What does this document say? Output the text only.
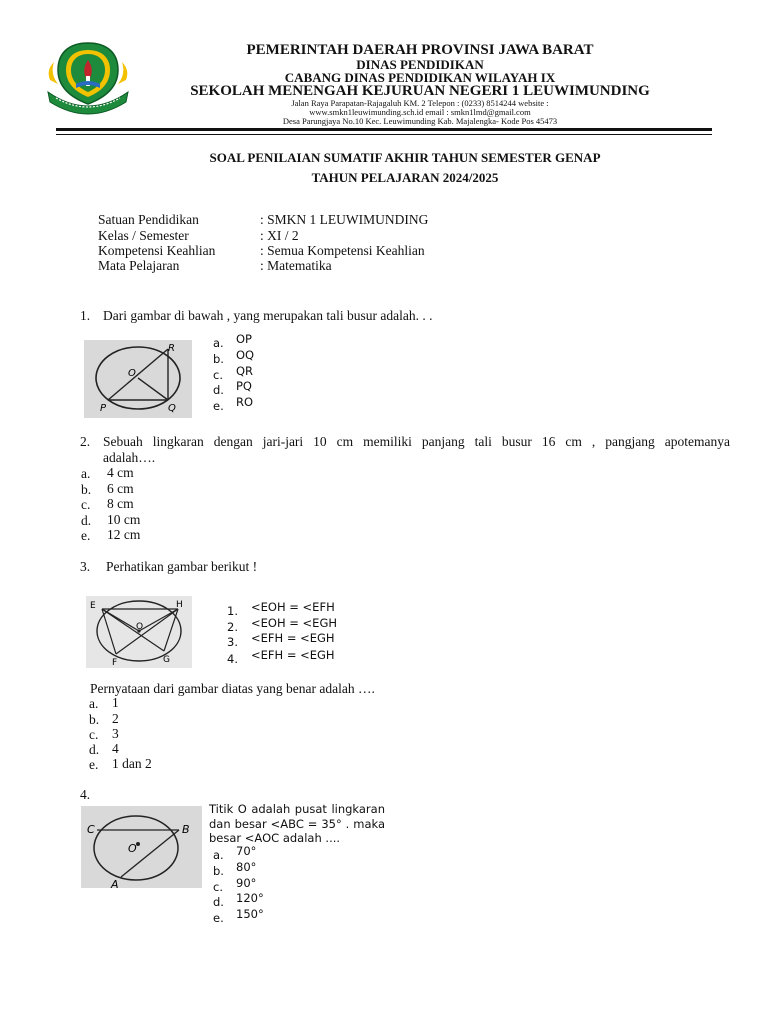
PEMERINTAH DAERAH PROVINSI JAWA BARAT
DINAS PENDIDIKAN
CABANG DINAS PENDIDIKAN WILAYAH IX
SEKOLAH MENENGAH KEJURUAN NEGERI 1 LEUWIMUNDING
Jalan Raya Parapatan-Rajagaluh KM. 2 Telepon : (0233) 8514244 website :
www.smkn1leuwimunding.sch.id email : smkn1lmd@gmail.com
Desa Parungjaya No.10 Kec. Leuwimunding Kab. Majalengka- Kode Pos 45473
SOAL PENILAIAN SUMATIF AKHIR TAHUN SEMESTER GENAP
TAHUN PELAJARAN 2024/2025
Satuan Pendidikan	: SMKN 1 LEUWIMUNDING
Kelas / Semester	: XI / 2
Kompetensi Keahlian	: Semua Kompetensi Keahlian
Mata Pelajaran	: Matematika
1. Dari gambar di bawah , yang merupakan tali busur adalah. . .
R
O
P	Q
a. OP
b. OQ
c. QR
d. PQ
e. RO
2. Sebuah lingkaran dengan jari-jari 10 cm memiliki panjang tali busur 16 cm , pangjang apotemanya
adalah….
a. 4 cm
b. 6 cm
c. 8 cm
d. 10 cm
e. 12 cm
3. Perhatikan gambar berikut !
E	H
O
F	G
1. <EOH = <EFH
2. <EOH = <EGH
3. <EFH = <EGH
4. <EFH = <EGH
Pernyataan dari gambar diatas yang benar adalah ….
a. 1
b. 2
c. 3
d. 4
e. 1 dan 2
4.
C	B
O
A
Titik O adalah pusat lingkaran
dan besar <ABC = 35° . maka
besar <AOC adalah ....
a. 70°
b. 80°
c. 90°
d. 120°
e. 150°
